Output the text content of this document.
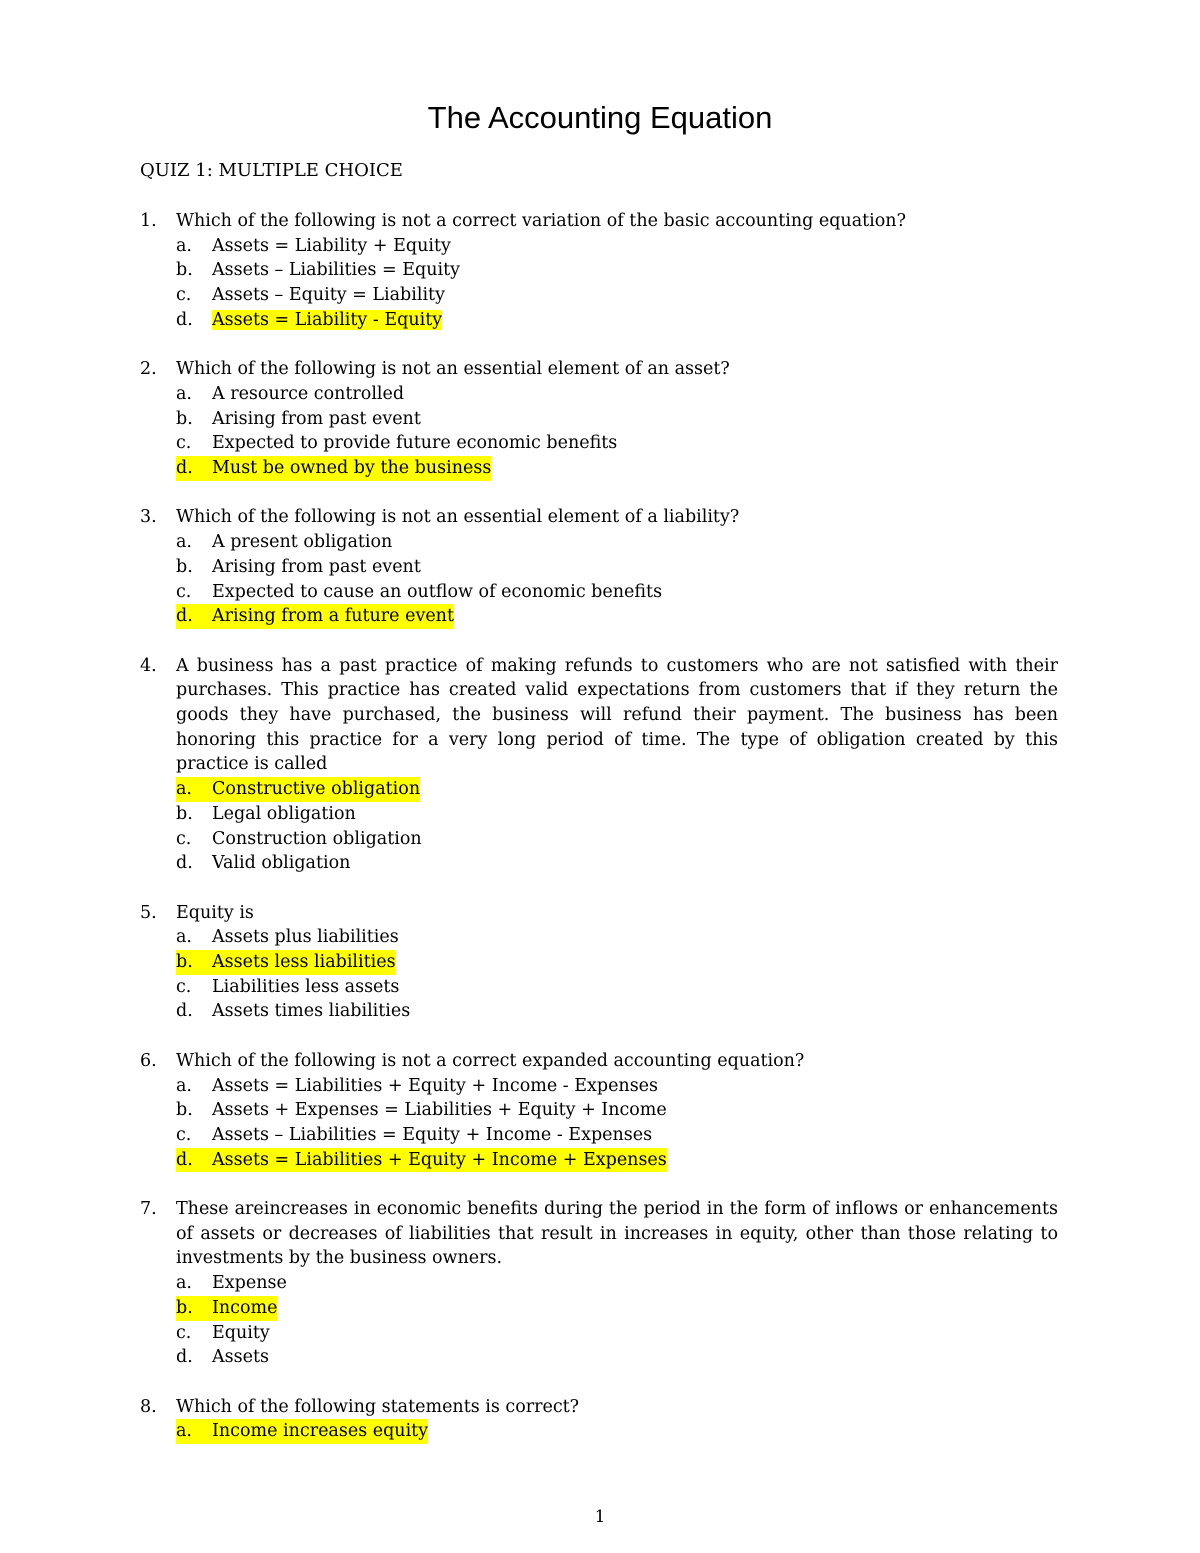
The Accounting Equation
QUIZ 1: MULTIPLE CHOICE
1.	Which of the following is not a correct variation of the basic accounting equation?
a. Assets = Liability + Equity
b. Assets – Liabilities = Equity
c. Assets – Equity = Liability
d. Assets = Liability - Equity
2.	Which of the following is not an essential element of an asset?
a. A resource controlled
b. Arising from past event
c. Expected to provide future economic benefits
d. Must be owned by the business
3.	Which of the following is not an essential element of a liability?
a. A present obligation
b. Arising from past event
c. Expected to cause an outflow of economic benefits
d. Arising from a future event
4.	A business has a past practice of making refunds to customers who are not satisfied with their purchases. This practice has created valid expectations from customers that if they return the goods they have purchased, the business will refund their payment. The business has been honoring this practice for a very long period of time. The type of obligation created by this practice is called
a. Constructive obligation
b. Legal obligation
c. Construction obligation
d. Valid obligation
5.	Equity is
a. Assets plus liabilities
b. Assets less liabilities
c. Liabilities less assets
d. Assets times liabilities
6.	Which of the following is not a correct expanded accounting equation?
a. Assets = Liabilities + Equity + Income - Expenses
b. Assets + Expenses = Liabilities + Equity + Income
c. Assets – Liabilities = Equity + Income - Expenses
d. Assets = Liabilities + Equity + Income + Expenses
7.	These areincreases in economic benefits during the period in the form of inflows or enhancements of assets or decreases of liabilities that result in increases in equity, other than those relating to investments by the business owners.
a. Expense
b. Income
c. Equity
d. Assets
8.	Which of the following statements is correct?
a. Income increases equity
1
